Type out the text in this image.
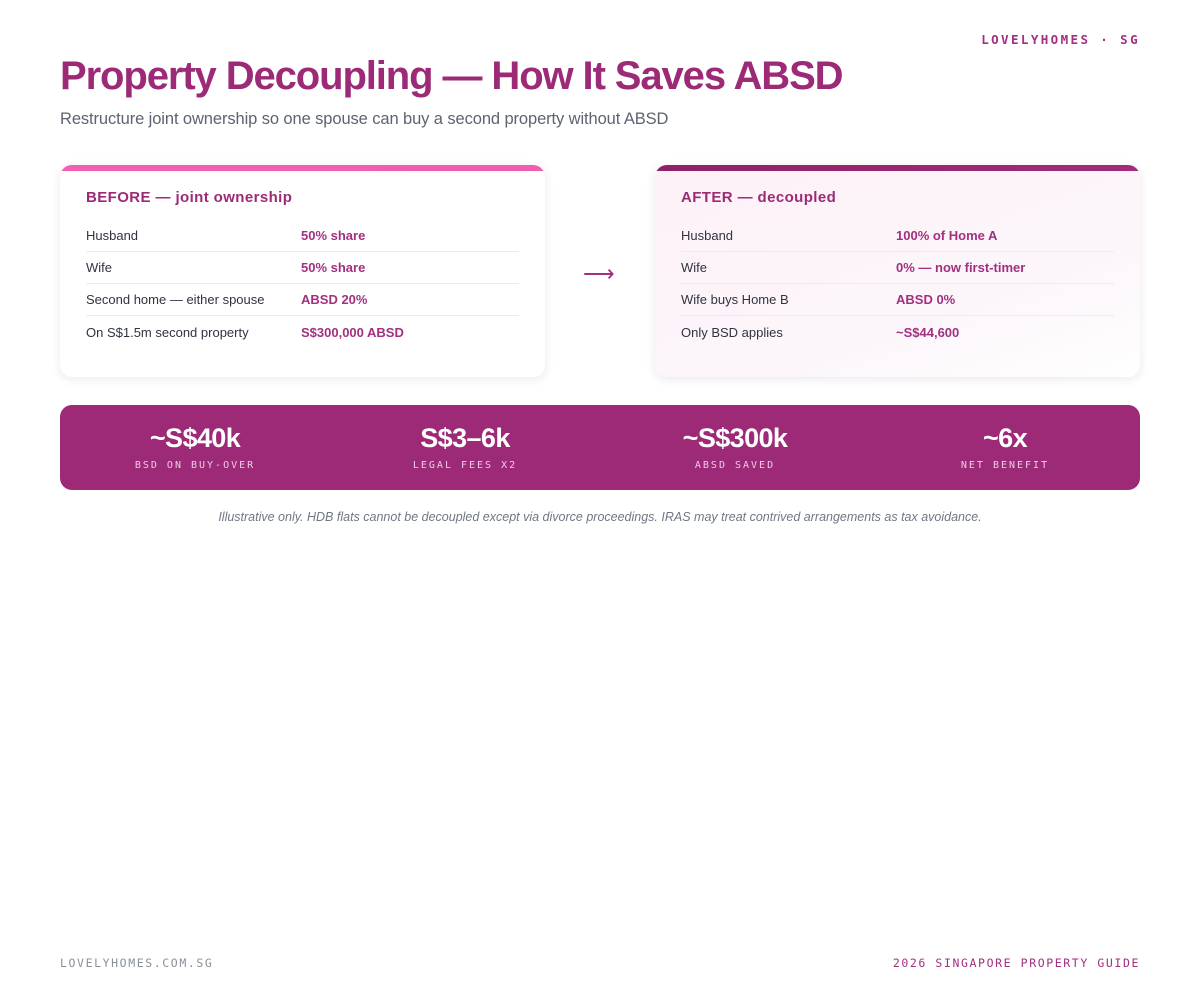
LOVELYHOMES · SG
Property Decoupling — How It Saves ABSD
Restructure joint ownership so one spouse can buy a second property without ABSD
BEFORE — joint ownership
Husband	50% share
Wife	50% share
Second home — either spouse	ABSD 20%
On S$1.5m second property	S$300,000 ABSD
⟶
AFTER — decoupled
Husband	100% of Home A
Wife	0% — now first-timer
Wife buys Home B	ABSD 0%
Only BSD applies	~S$44,600
~S$40k
BSD ON BUY-OVER
S$3–6k
LEGAL FEES X2
~S$300k
ABSD SAVED
~6x
NET BENEFIT
Illustrative only. HDB flats cannot be decoupled except via divorce proceedings. IRAS may treat contrived arrangements as tax avoidance.
LOVELYHOMES.COM.SG	2026 SINGAPORE PROPERTY GUIDE
